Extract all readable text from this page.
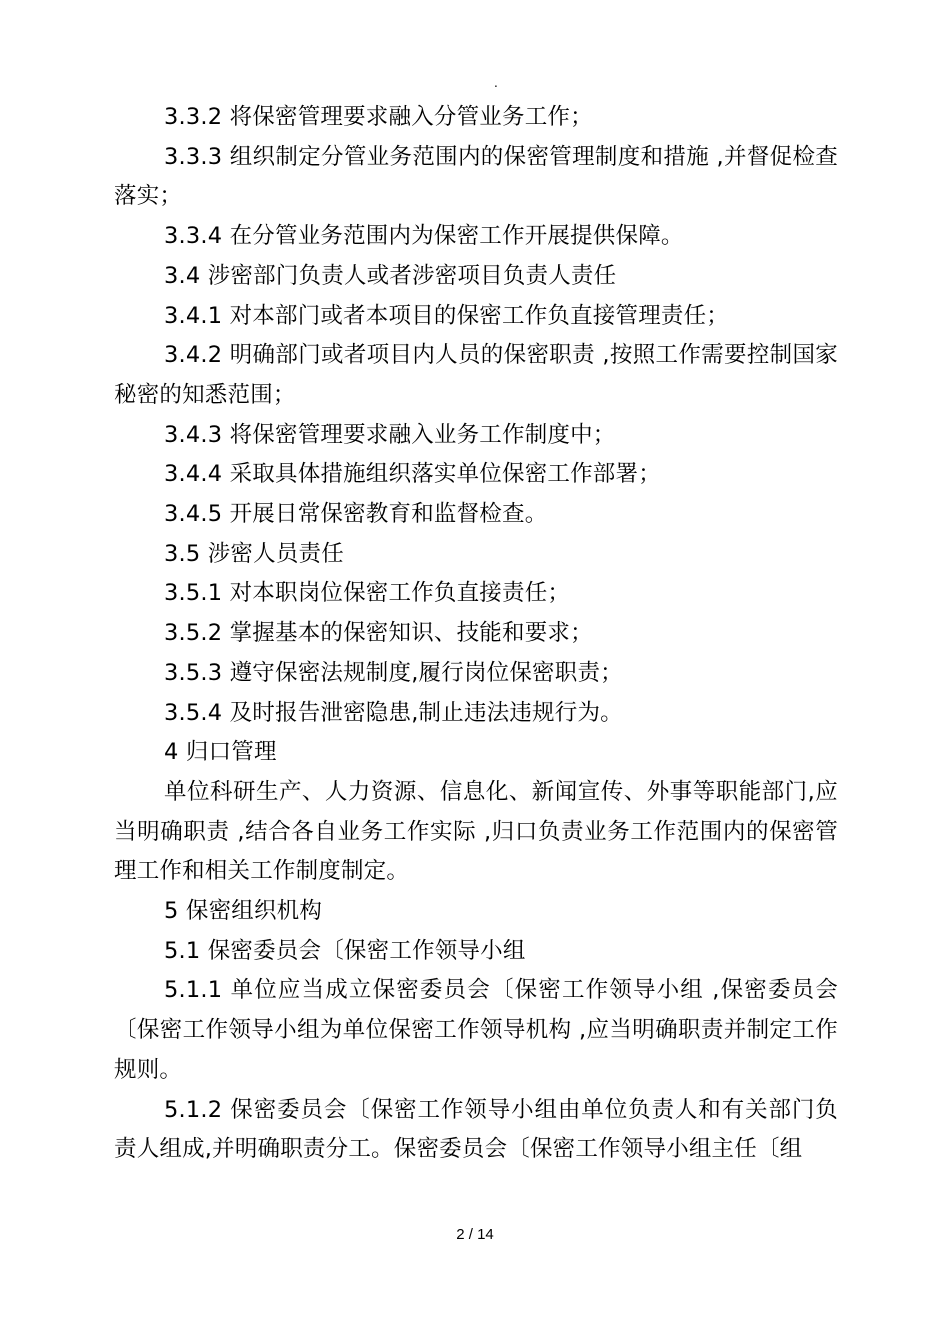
.

3.3.2 将保密管理要求融入分管业务工作；

3.3.3 组织制定分管业务范围内的保密管理制度和措施 ,并督促检查落实；

3.3.4 在分管业务范围内为保密工作开展提供保障。

3.4 涉密部门负责人或者涉密项目负责人责任

3.4.1 对本部门或者本项目的保密工作负直接管理责任；

3.4.2 明确部门或者项目内人员的保密职责 ,按照工作需要控制国家秘密的知悉范围；

3.4.3 将保密管理要求融入业务工作制度中；

3.4.4 采取具体措施组织落实单位保密工作部署；

3.4.5 开展日常保密教育和监督检查。

3.5 涉密人员责任

3.5.1 对本职岗位保密工作负直接责任；

3.5.2 掌握基本的保密知识、技能和要求；

3.5.3 遵守保密法规制度,履行岗位保密职责；

3.5.4 及时报告泄密隐患,制止违法违规行为。

4 归口管理

单位科研生产、人力资源、信息化、新闻宣传、外事等职能部门,应当明确职责 ,结合各自业务工作实际 ,归口负责业务工作范围内的保密管理工作和相关工作制度制定。

5 保密组织机构

5.1 保密委员会〔保密工作领导小组

5.1.1 单位应当成立保密委员会〔保密工作领导小组 ,保密委员会〔保密工作领导小组为单位保密工作领导机构 ,应当明确职责并制定工作规则。

5.1.2 保密委员会〔保密工作领导小组由单位负责人和有关部门负责人组成,并明确职责分工。保密委员会〔保密工作领导小组主任〔组

2 / 14
